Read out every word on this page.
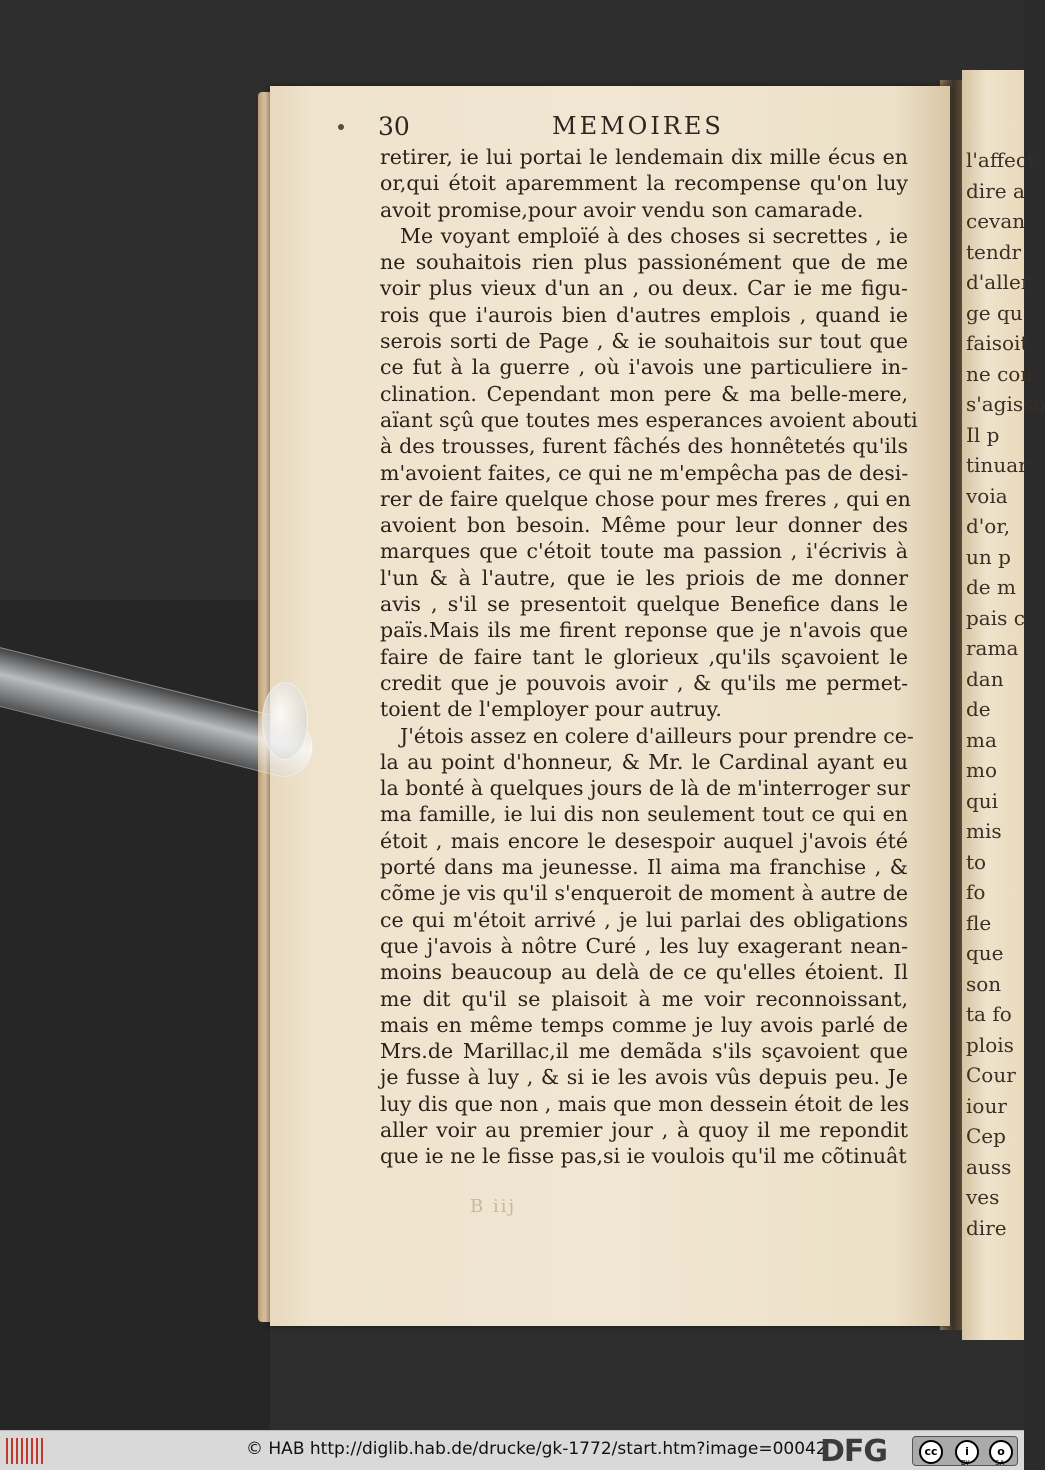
l'affect
dire a
cevan
tendr
d'aller
ge qu
faisoit
ne con
s'agisso
Il p
tinuar
voia
d'or,
un p
de m
pais c
rama
dan
de
ma
mo
qui
mis
to
fo
fle
que
son
ta fo
plois
Cour
iour
Cep
auss
ves
dire
30	MEMOIRES
retirer, ie lui portai le lendemain dix mille écus en
or,qui étoit aparemment la recompense qu'on luy
avoit promise,pour avoir vendu son camarade.
Me voyant emploïé à des choses si secrettes , ie
ne souhaitois rien plus passionément que de me
voir plus vieux d'un an , ou deux. Car ie me figu-
rois que i'aurois bien d'autres emplois , quand ie
serois sorti de Page , & ie souhaitois sur tout que
ce fut à la guerre , où i'avois une particuliere in-
clination. Cependant mon pere & ma belle-mere,
aïant sçû que toutes mes esperances avoient abouti
à des trousses, furent fâchés des honnêtetés qu'ils
m'avoient faites, ce qui ne m'empêcha pas de desi-
rer de faire quelque chose pour mes freres , qui en
avoient bon besoin. Même pour leur donner des
marques que c'étoit toute ma passion , i'écrivis à
l'un & à l'autre, que ie les priois de me donner
avis , s'il se presentoit quelque Benefice dans le
païs.Mais ils me firent reponse que je n'avois que
faire de faire tant le glorieux ,qu'ils sçavoient le
credit que je pouvois avoir , & qu'ils me permet-
toient de l'employer pour autruy.
J'étois assez en colere d'ailleurs pour prendre ce-
la au point d'honneur, & Mr. le Cardinal ayant eu
la bonté à quelques jours de là de m'interroger sur
ma famille, ie lui dis non seulement tout ce qui en
étoit , mais encore le desespoir auquel j'avois été
porté dans ma jeunesse. Il aima ma franchise , &
cõme je vis qu'il s'enqueroit de moment à autre de
ce qui m'étoit arrivé , je lui parlai des obligations
que j'avois à nôtre Curé , les luy exagerant nean-
moins beaucoup au delà de ce qu'elles étoient. Il
me dit qu'il se plaisoit à me voir reconnoissant,
mais en même temps comme je luy avois parlé de
Mrs.de Marillac,il me demãda s'ils sçavoient que
je fusse à luy , & si ie les avois vûs depuis peu. Je
luy dis que non , mais que mon dessein étoit de les
aller voir au premier jour , à quoy il me repondit
que ie ne le fisse pas,si ie voulois qu'il me cõtinuât
B iij
© HAB http://diglib.hab.de/drucke/gk-1772/start.htm?image=00042
DFG	cc	i	o
BY	SA
